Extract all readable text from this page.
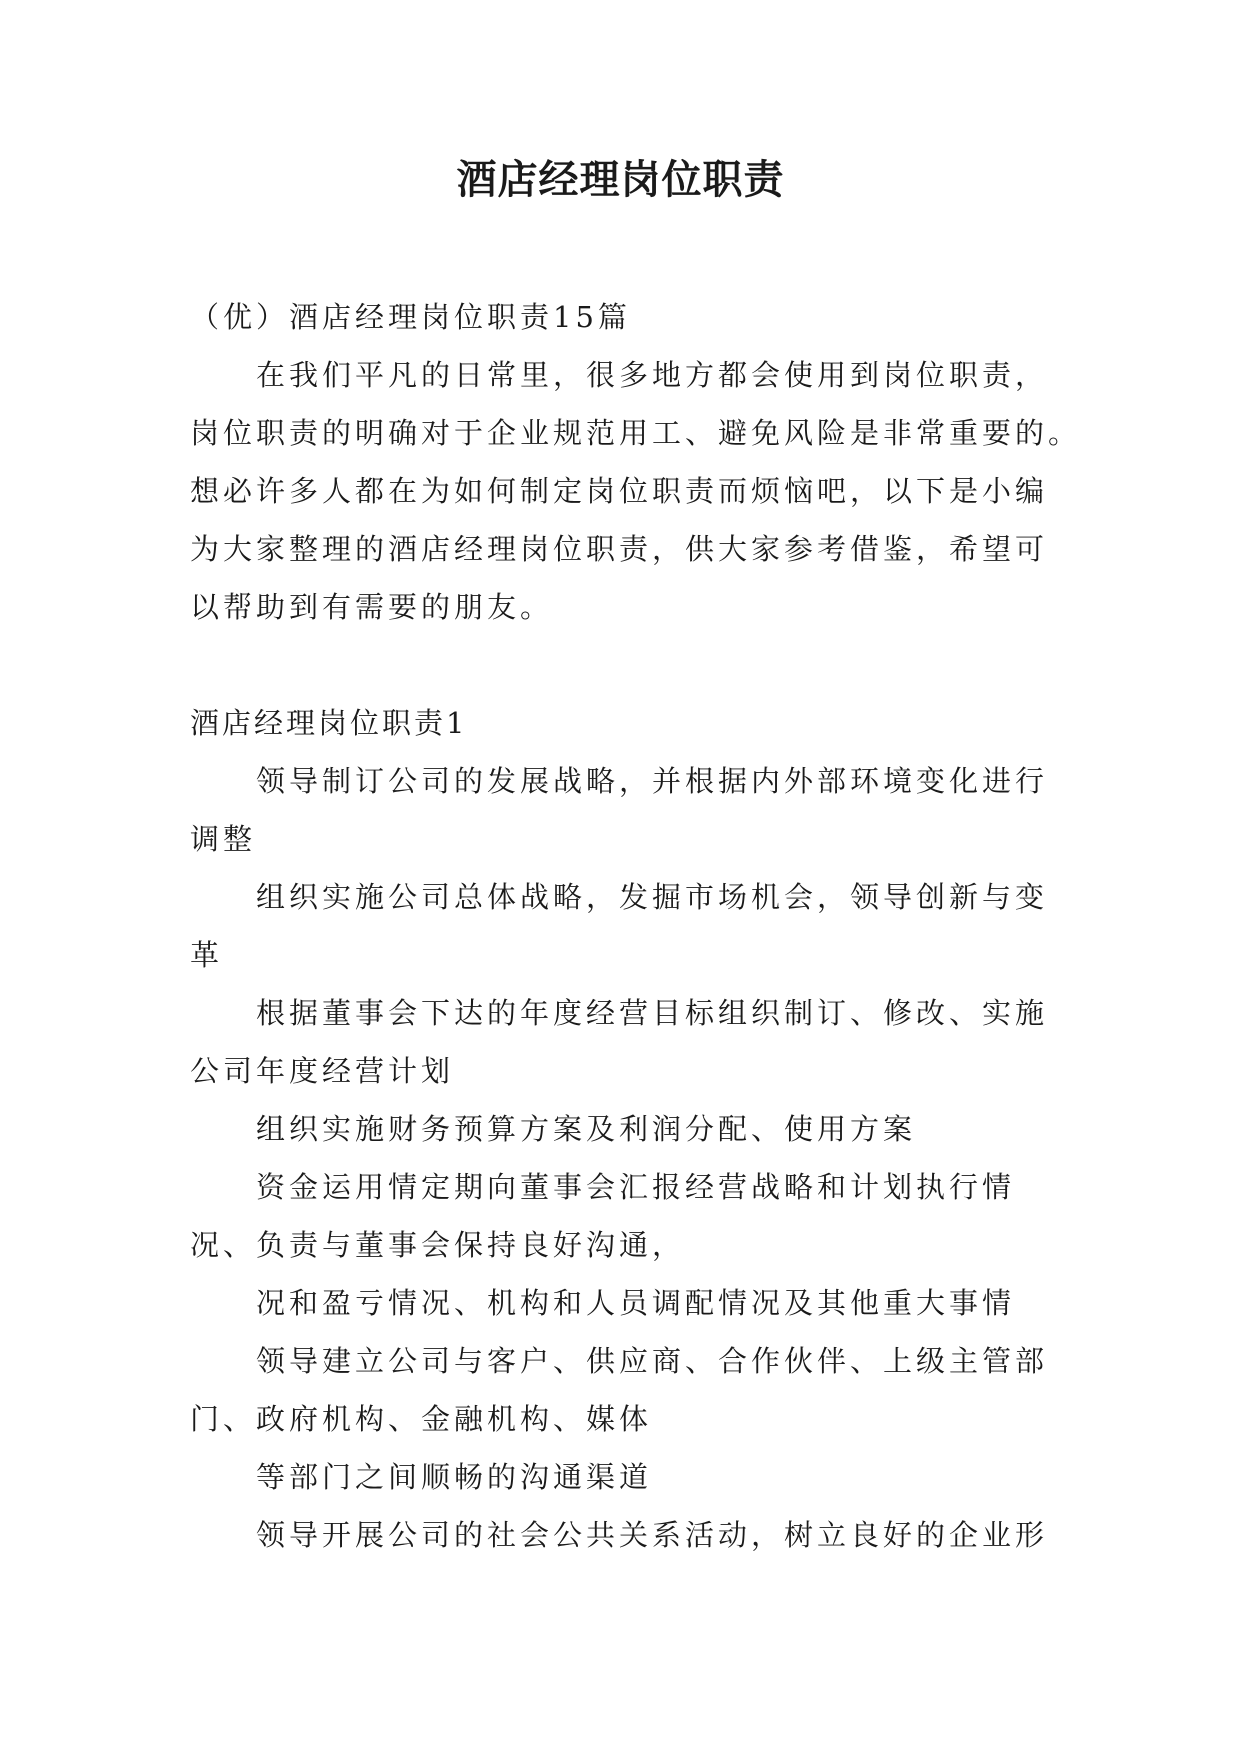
酒店经理岗位职责
（优）酒店经理岗位职责15篇
在我们平凡的日常里，很多地方都会使用到岗位职责，
岗位职责的明确对于企业规范用工、避免风险是非常重要的。
想必许多人都在为如何制定岗位职责而烦恼吧，以下是小编
为大家整理的酒店经理岗位职责，供大家参考借鉴，希望可
以帮助到有需要的朋友。
酒店经理岗位职责1
领导制订公司的发展战略，并根据内外部环境变化进行
调整
组织实施公司总体战略，发掘市场机会，领导创新与变
革
根据董事会下达的年度经营目标组织制订、修改、实施
公司年度经营计划
组织实施财务预算方案及利润分配、使用方案
资金运用情定期向董事会汇报经营战略和计划执行情
况、负责与董事会保持良好沟通，
况和盈亏情况、机构和人员调配情况及其他重大事情
领导建立公司与客户、供应商、合作伙伴、上级主管部
门、政府机构、金融机构、媒体
等部门之间顺畅的沟通渠道
领导开展公司的社会公共关系活动，树立良好的企业形
